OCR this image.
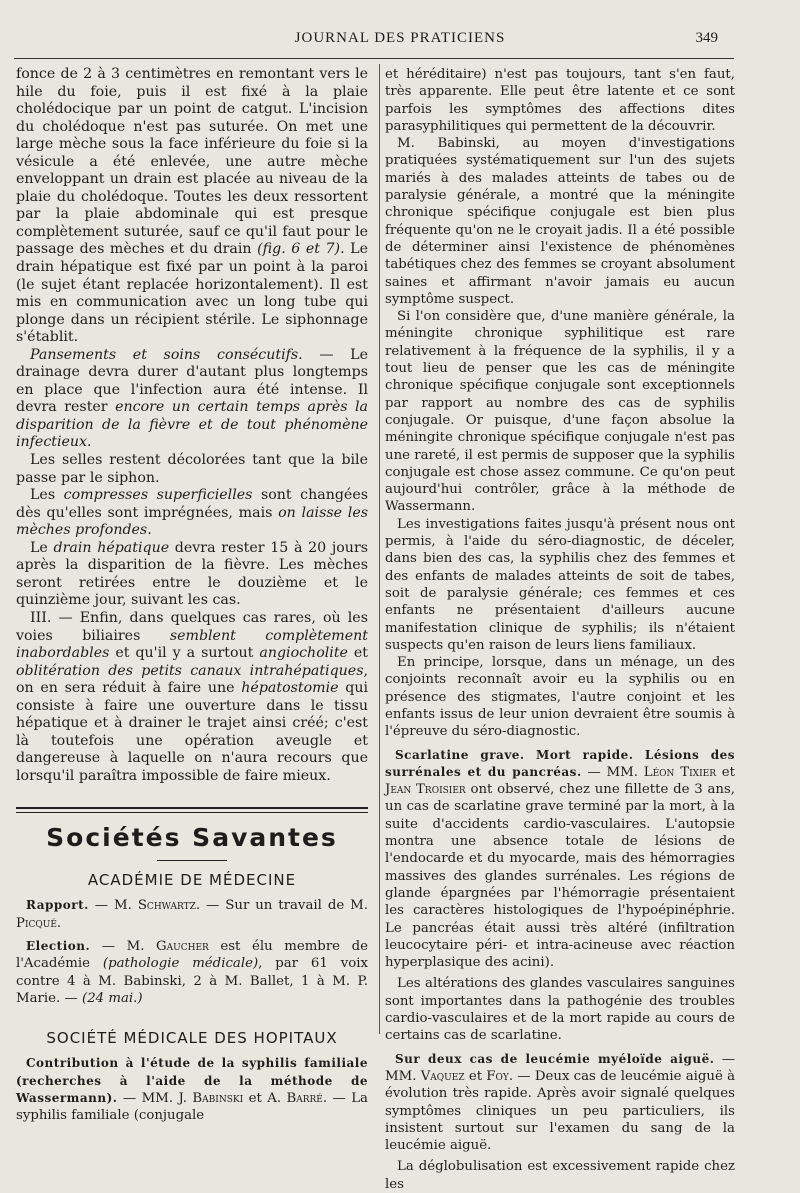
JOURNAL DES PRATICIENS	349

fonce de 2 à 3 centimètres en remontant vers le hile du foie, puis il est fixé à la plaie cholédocique par un point de catgut. L'incision du cholédoque n'est pas suturée. On met une large mèche sous la face inférieure du foie si la vésicule a été enlevée, une autre mèche enveloppant un drain est placée au niveau de la plaie du cholédoque. Toutes les deux ressortent par la plaie abdominale qui est presque complètement suturée, sauf ce qu'il faut pour le passage des mèches et du drain (fig. 6 et 7). Le drain hépatique est fixé par un point à la paroi (le sujet étant replacée horizontalement). Il est mis en communication avec un long tube qui plonge dans un récipient stérile. Le siphonnage s'établit.

Pansements et soins consécutifs. — Le drainage devra durer d'autant plus longtemps en place que l'infection aura été intense. Il devra rester encore un certain temps après la disparition de la fièvre et de tout phénomène infectieux.

Les selles restent décolorées tant que la bile passe par le siphon.

Les compresses superficielles sont changées dès qu'elles sont imprégnées, mais on laisse les mèches profondes.

Le drain hépatique devra rester 15 à 20 jours après la disparition de la fièvre. Les mèches seront retirées entre le douzième et le quinzième jour, suivant les cas.

III. — Enfin, dans quelques cas rares, où les voies biliaires semblent complètement inabordables et qu'il y a surtout angiocholite et oblitération des petits canaux intrahépatiques, on en sera réduit à faire une hépatostomie qui consiste à faire une ouverture dans le tissu hépatique et à drainer le trajet ainsi créé; c'est là toutefois une opération aveugle et dangereuse à laquelle on n'aura recours que lorsqu'il paraîtra impossible de faire mieux.

Sociétés Savantes
ACADÉMIE DE MÉDECINE

Rapport. — M. Schwartz. — Sur un travail de M. Picqué.

Election. — M. Gaucher est élu membre de l'Académie (pathologie médicale), par 61 voix contre 4 à M. Babinski, 2 à M. Ballet, 1 à M. P. Marie. — (24 mai.)

SOCIÉTÉ MÉDICALE DES HOPITAUX

Contribution à l'étude de la syphilis familiale (recherches à l'aide de la méthode de Wassermann). — MM. J. Babinski et A. Barré. — La syphilis familiale (conjugale

et héréditaire) n'est pas toujours, tant s'en faut, très apparente. Elle peut être latente et ce sont parfois les symptômes des affections dites parasyphilitiques qui permettent de la découvrir.

M. Babinski, au moyen d'investigations pratiquées systématiquement sur l'un des sujets mariés à des malades atteints de tabes ou de paralysie générale, a montré que la méningite chronique spécifique conjugale est bien plus fréquente qu'on ne le croyait jadis. Il a été possible de déterminer ainsi l'existence de phénomènes tabétiques chez des femmes se croyant absolument saines et affirmant n'avoir jamais eu aucun symptôme suspect.

Si l'on considère que, d'une manière générale, la méningite chronique syphilitique est rare relativement à la fréquence de la syphilis, il y a tout lieu de penser que les cas de méningite chronique spécifique conjugale sont exceptionnels par rapport au nombre des cas de syphilis conjugale. Or puisque, d'une façon absolue la méningite chronique spécifique conjugale n'est pas une rareté, il est permis de supposer que la syphilis conjugale est chose assez commune. Ce qu'on peut aujourd'hui contrôler, grâce à la méthode de Wassermann.

Les investigations faites jusqu'à présent nous ont permis, à l'aide du séro-diagnostic, de déceler, dans bien des cas, la syphilis chez des femmes et des enfants de malades atteints de soit de tabes, soit de paralysie générale; ces femmes et ces enfants ne présentaient d'ailleurs aucune manifestation clinique de syphilis; ils n'étaient suspects qu'en raison de leurs liens familiaux.

En principe, lorsque, dans un ménage, un des conjoints reconnaît avoir eu la syphilis ou en présence des stigmates, l'autre conjoint et les enfants issus de leur union devraient être soumis à l'épreuve du séro-diagnostic.

Scarlatine grave. Mort rapide. Lésions des surrénales et du pancréas. — MM. Léon Tixier et Jean Troisier ont observé, chez une fillette de 3 ans, un cas de scarlatine grave terminé par la mort, à la suite d'accidents cardio-vasculaires. L'autopsie montra une absence totale de lésions de l'endocarde et du myocarde, mais des hémorragies massives des glandes surrénales. Les régions de glande épargnées par l'hémorragie présentaient les caractères histologiques de l'hypoépinéphrie. Le pancréas était aussi très altéré (infiltration leucocytaire péri- et intra-acineuse avec réaction hyperplasique des acini).

Les altérations des glandes vasculaires sanguines sont importantes dans la pathogénie des troubles cardio-vasculaires et de la mort rapide au cours de certains cas de scarlatine.

Sur deux cas de leucémie myéloïde aiguë. — MM. Vaquez et Foy. — Deux cas de leucémie aiguë à évolution très rapide. Après avoir signalé quelques symptômes cliniques un peu particuliers, ils insistent surtout sur l'examen du sang de la leucémie aiguë.

La déglobulisation est excessivement rapide chez les
